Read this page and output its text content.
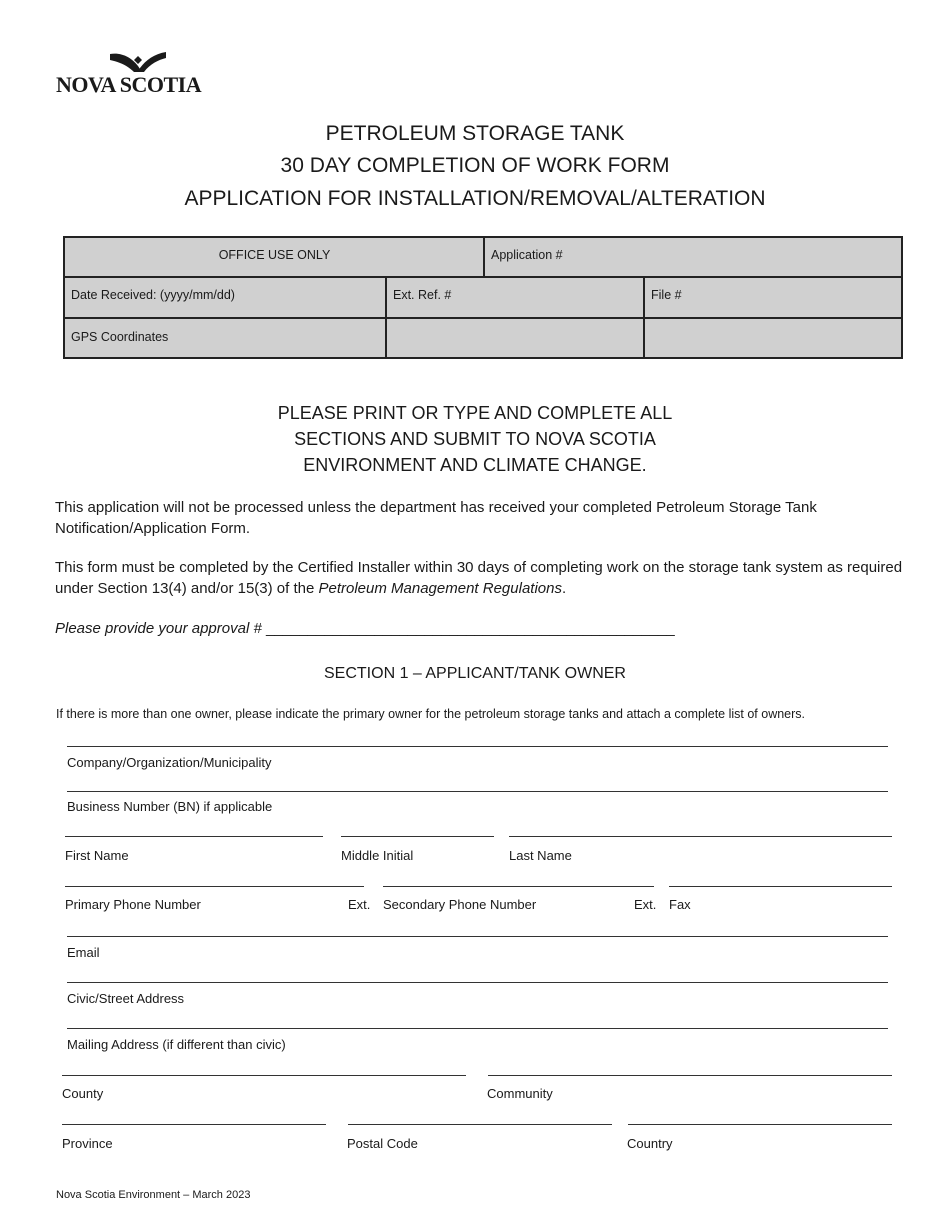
NOVA SCOTIA
PETROLEUM STORAGE TANK
30 DAY COMPLETION OF WORK FORM
APPLICATION FOR INSTALLATION/REMOVAL/ALTERATION
OFFICE USE ONLY	Application #
Date Received: (yyyy/mm/dd)	Ext. Ref. #	File #
GPS Coordinates
PLEASE PRINT OR TYPE AND COMPLETE ALL
SECTIONS AND SUBMIT TO NOVA SCOTIA
ENVIRONMENT AND CLIMATE CHANGE.
This application will not be processed unless the department has received your completed Petroleum Storage Tank Notification/Application Form.
This form must be completed by the Certified Installer within 30 days of completing work on the storage tank system as required under Section 13(4) and/or 15(3) of the Petroleum Management Regulations.
Please provide your approval # _________________________________________________
SECTION 1 – APPLICANT/TANK OWNER
If there is more than one owner, please indicate the primary owner for the petroleum storage tanks and attach a complete list of owners.
Company/Organization/Municipality
Business Number (BN) if applicable
First Name	Middle Initial	Last Name
Primary Phone Number	Ext. Secondary Phone Number	Ext. Fax
Email
Civic/Street Address
Mailing Address (if different than civic)
County	Community
Province	Postal Code	Country
Nova Scotia Environment – March 2023
